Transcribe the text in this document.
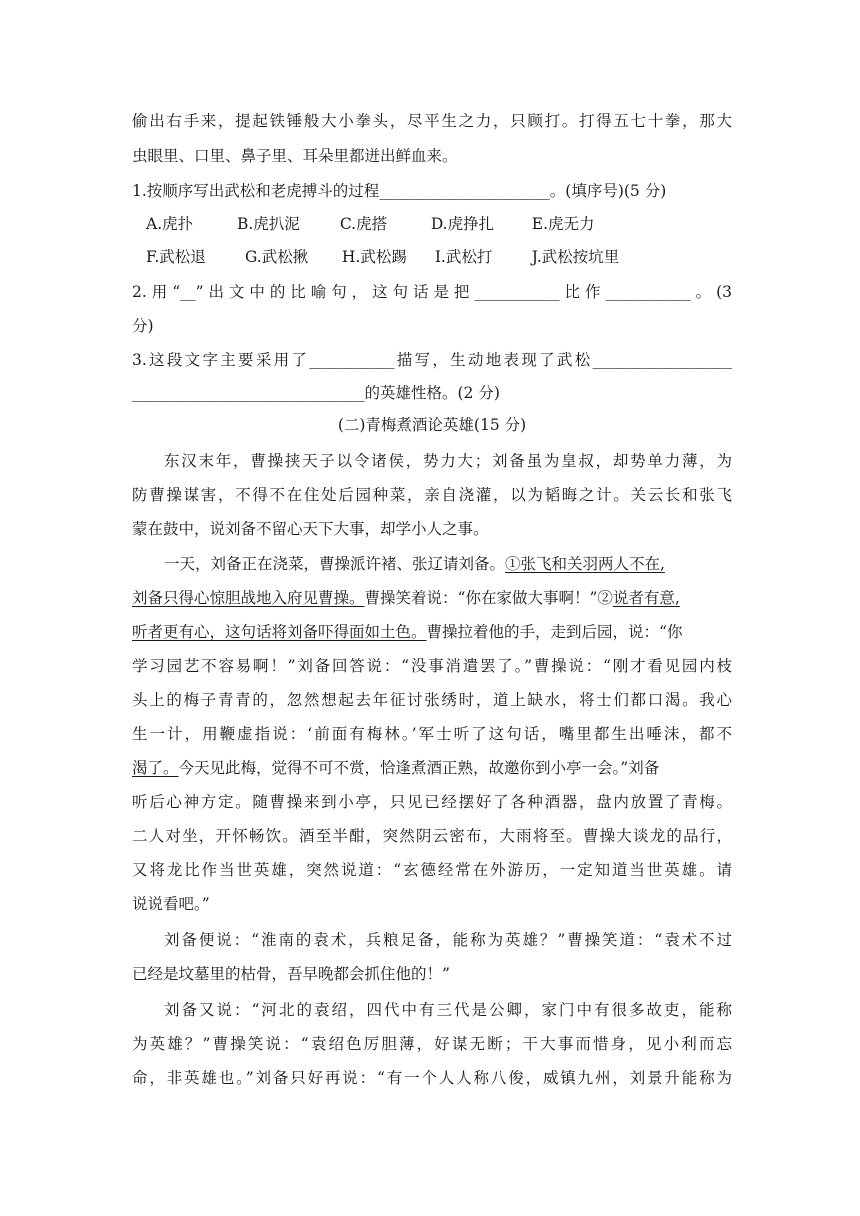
偷出右手来，提起铁锤般大小拳头，尽平生之力，只顾打。打得五七十拳，那大
虫眼里、口里、鼻子里、耳朵里都迸出鲜血来。
1.按顺序写出武松和老虎搏斗的过程______________________。(填序号)(5 分)
A.虎扑	B.虎扒泥	C.虎搭	D.虎挣扎 E.虎无力
F.武松退	G.武松揪 H.武松踢 I.武松打	J.武松按坑里
2.用“__”出文中的比喻句，这句话是把___________比作___________。(3
分)
3.这段文字主要采用了___________描写，生动地表现了武松__________________
______________________________的英雄性格。(2 分)
(二)青梅煮酒论英雄(15 分)
东汉末年，曹操挟天子以令诸侯，势力大；刘备虽为皇叔，却势单力薄，为
防曹操谋害，不得不在住处后园种菜，亲自浇灌，以为韬晦之计。关云长和张飞
蒙在鼓中，说刘备不留心天下大事，却学小人之事。
一天，刘备正在浇菜，曹操派许褚、张辽请刘备。①张飞和关羽两人不在,
刘备只得心惊胆战地入府见曹操。曹操笑着说：“你在家做大事啊！”②说者有意,
听者更有心，这句话将刘备吓得面如土色。曹操拉着他的手，走到后园，说：“你
学习园艺不容易啊！”刘备回答说：“没事消遣罢了。”曹操说：“刚才看见园内枝
头上的梅子青青的，忽然想起去年征讨张绣时，道上缺水，将士们都口渴。我心
生一计，用鞭虚指说：‘前面有梅林。’军士听了这句话，嘴里都生出唾沫，都不
渴了。今天见此梅，觉得不可不赏，恰逢煮酒正熟，故邀你到小亭一会。”刘备
听后心神方定。随曹操来到小亭，只见已经摆好了各种酒器，盘内放置了青梅。
二人对坐，开怀畅饮。酒至半酣，突然阴云密布，大雨将至。曹操大谈龙的品行，
又将龙比作当世英雄，突然说道：“玄德经常在外游历，一定知道当世英雄。请
说说看吧。”
刘备便说：“淮南的袁术，兵粮足备，能称为英雄？”曹操笑道：“袁术不过
已经是坟墓里的枯骨，吾早晚都会抓住他的！”
刘备又说：“河北的袁绍，四代中有三代是公卿，家门中有很多故吏，能称
为英雄？”曹操笑说：“袁绍色厉胆薄，好谋无断；干大事而惜身，见小利而忘
命，非英雄也。”刘备只好再说：“有一个人人称八俊，威镇九州，刘景升能称为
